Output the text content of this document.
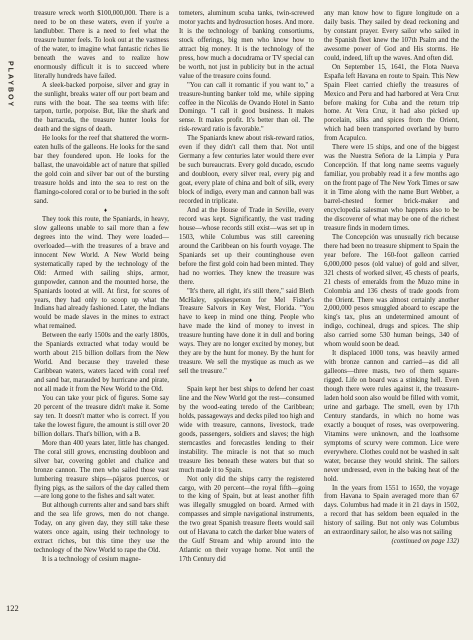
PLAYBOY

treasure wreck worth $100,000,000. There is a need to be on these waters, even if you're a landlubber. There is a need to feel what the treasure hunter feels. To look out at the vastness of the water, to imagine what fantastic riches lie beneath the waves and to realize how enormously difficult it is to succeed where literally hundreds have failed.

A sleek-backed porpoise, silver and gray in the sunlight, breaks water off our port beam and runs with the boat. The sea teems with life: tarpon, turtle, porpoise. But, like the shark and the barracuda, the treasure hunter looks for death and the signs of death.

He looks for the reef that shattered the worm-eaten hulls of the galleons. He looks for the sand bar they foundered upon. He looks for the ballast, the unavoidable act of nature that spilled the gold coin and silver bar out of the bursting treasure holds and into the sea to rest on the flamingo-colored coral or to be buried in the soft sand.

♦

They took this route, the Spaniards, in heavy, slow galleons unable to sail more than a few degrees into the wind. They were loaded—overloaded—with the treasures of a brave and innocent New World. A New World being systematically raped by the technology of the Old: Armed with sailing ships, armor, gunpowder, cannon and the mounted horse, the Spaniards looted at will. At first, for scores of years, they had only to scoop up what the Indians had already fashioned. Later, the Indians would be made slaves in the mines to extract what remained.

Between the early 1500s and the early 1800s, the Spaniards extracted what today would be worth about 215 billion dollars from the New World. And because they traveled these Caribbean waters, waters laced with coral reef and sand bar, marauded by hurricane and pirate, not all made it from the New World to the Old.

You can take your pick of figures. Some say 20 percent of the treasure didn't make it. Some say ten. It doesn't matter who is correct. If you take the lowest figure, the amount is still over 20 billion dollars. That's billion, with a B.

More than 400 years later, little has changed. The coral still grows, encrusting doubloon and silver bar, covering goblet and chalice and bronze cannon. The men who sailed those vast lumbering treasure ships—pájaros puercos, or flying pigs, as the sailors of the day called them—are long gone to the fishes and salt water.

But although currents alter and sand bars shift and the sea life grows, men do not change. Today, on any given day, they still take these waters once again, using their technology to extract riches, but this time they use the technology of the New World to rape the Old.

It is a technology of cesium magne-

tometers, aluminum scuba tanks, twin-screwed motor yachts and hydrosuction hoses. And more. It is the technology of banking consortiums, stock offerings, big men who know how to attract big money. It is the technology of the press, how much a docudrama or TV special can be worth, not just in publicity but in the actual value of the treasure coins found.

"You can call it romantic if you want to," a treasure-hunting banker told me, while sipping coffee in the Nicolás de Ovando Hotel in Santo Domingo. "I call it good business. It makes sense. It makes profit. It's better than oil. The risk-reward ratio is favorable."

The Spaniards knew about risk-reward ratios, even if they didn't call them that. Not until Germany a few centuries later would there ever be such bureaucrats. Every gold ducado, escudo and doubloon, every silver real, every pig and goat, every plate of china and bolt of silk, every block of indigo, every man and cannon ball was recorded in triplicate.

And at the House of Trade in Seville, every record was kept. Significantly, the vast trading house—whose records still exist—was set up in 1503, while Columbus was still careening around the Caribbean on his fourth voyage. The Spaniards set up their countinghouse even before the first gold coin had been minted. They had no worries. They knew the treasure was there.

"It's there, all right, it's still there," said Bleth McHaley, spokesperson for Mel Fisher's Treasure Salvors in Key West, Florida. "You have to keep in mind one thing. People who have made the kind of money to invest in treasure hunting have done it in dull and boring ways. They are no longer excited by money, but they are by the hunt for money. By the hunt for treasure. We sell the mystique as much as we sell the treasure."

♦

Spain kept her best ships to defend her coast line and the New World got the rest—consumed by the wood-eating teredo of the Caribbean; holds, passageways and decks piled too high and wide with treasure, cannons, livestock, trade goods, passengers, soldiers and slaves; the high sterncastles and forecastles lending to their instability. The miracle is not that so much treasure lies beneath these waters but that so much made it to Spain.

Not only did the ships carry the registered cargo, with 20 percent—the royal fifth—going to the king of Spain, but at least another fifth was illegally smuggled on board. Armed with compasses and simple navigational instruments, the two great Spanish treasure fleets would sail out of Havana to catch the darker blue waters of the Gulf Stream and whip around into the Atlantic on their voyage home. Not until the 17th Century did

any man know how to figure longitude on a daily basis. They sailed by dead reckoning and by constant prayer. Every sailor who sailed in the Spanish fleet knew the 107th Psalm and the awesome power of God and His storms. He could, indeed, lift up the waves. And often did.

On September 15, 1641, the Flota Nueva España left Havana en route to Spain. This New Spain Fleet carried chiefly the treasures of Mexico and Peru and had harbored at Vera Cruz before making for Cuba and the return trip home. At Vera Cruz, it had also picked up porcelain, silks and spices from the Orient, which had been transported overland by burro from Acapulco.

There were 15 ships, and one of the biggest was the Nuestra Señora de la Limpia y Pura Concepción. If that long name seems vaguely familiar, you probably read it a few months ago on the front page of The New York Times or saw it in Time along with the name Burt Webber, a barrel-chested former brick-maker and encyclopedia salesman who happens also to be the discoverer of what may be one of the richest treasure finds in modern times.

The Concepción was unusually rich because there had been no treasure shipment to Spain the year before. The 160-foot galleon carried 6,000,000 pesos (old value) of gold and silver, 321 chests of worked silver, 45 chests of pearls, 21 chests of emeralds from the Muzo mine in Colombia and 136 chests of trade goods from the Orient. There was almost certainly another 2,000,000 pesos smuggled aboard to escape the king's tax, plus an undetermined amount of indigo, cochineal, drugs and spices. The ship also carried some 530 human beings, 340 of whom would soon be dead.

It displaced 1000 tons, was heavily armed with bronze cannon and carried—as did all galleons—three masts, two of them square-rigged. Life on board was a stinking hell. Even though there were rules against it, the treasure-laden hold soon also would be filled with vomit, urine and garbage. The smell, even by 17th Century standards, in which no home was exactly a bouquet of roses, was overpowering. Vitamins were unknown, and the loathsome symptoms of scurvy were common. Lice were everywhere. Clothes could not be washed in salt water, because they would shrink. The sailors never undressed, even in the baking heat of the hold.

In the years from 1551 to 1650, the voyage from Havana to Spain averaged more than 67 days. Columbus had made it in 21 days in 1502, a record that has seldom been equaled in the history of sailing. But not only was Columbus an extraordinary sailor, he also was not sailing

(continued on page 132)

122
